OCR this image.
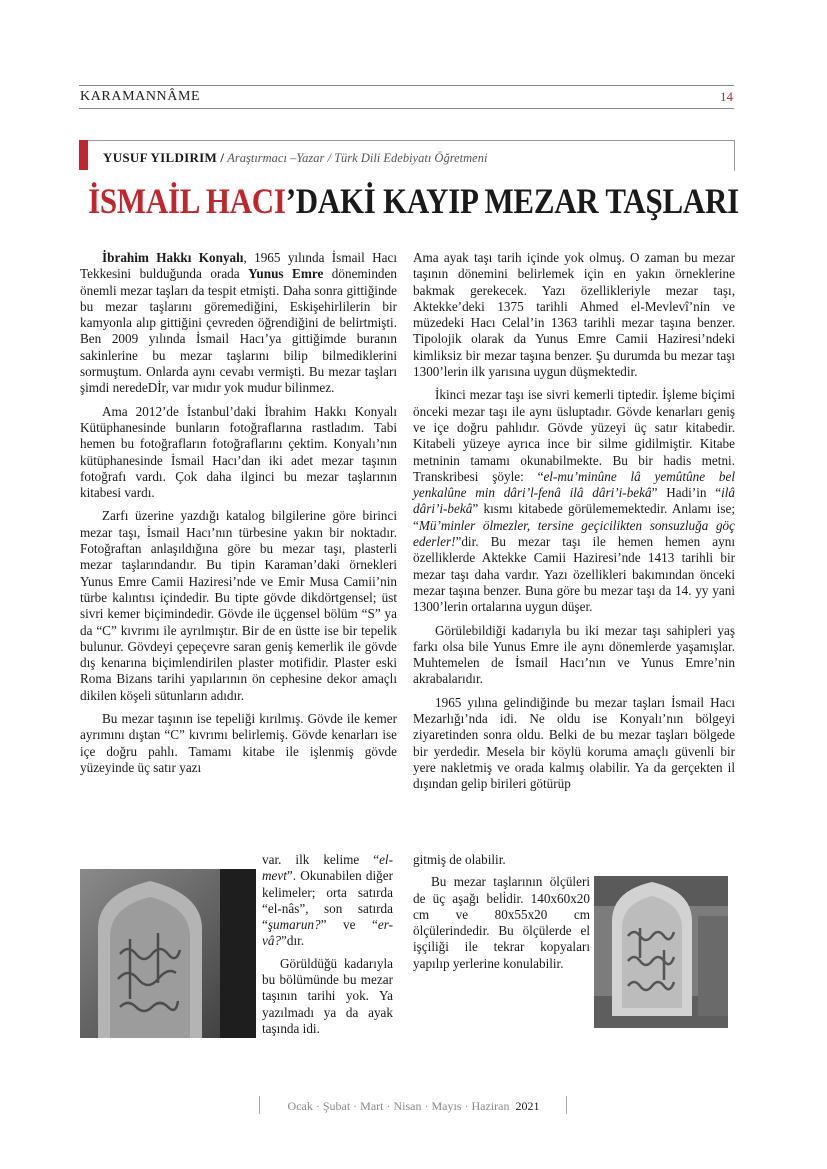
KARAMANNÂME	14
YUSUF YILDIRIM / Araştırmacı –Yazar / Türk Dili Edebiyatı Öğretmeni
İSMAİL HACI’DAKİ KAYIP MEZAR TAŞLARI

İbrahim Hakkı Konyalı, 1965 yılında İsmail Hacı Tekkesini bulduğunda orada Yunus Emre döneminden önemli mezar taşları da tespit etmişti. Daha sonra gittiğinde bu mezar taşlarını göremediğini, Eskişehirlilerin bir kamyonla alıp gittiğini çevreden öğrendiğini de belirtmişti. Ben 2009 yılında İsmail Hacı’ya gittiğimde buranın sakinlerine bu mezar taşlarını bilip bilmediklerini sormuştum. Onlarda aynı cevabı vermişti. Bu mezar taşları şimdi neredeDİr, var mıdır yok mudur bilinmez.

Ama 2012’de İstanbul’daki İbrahim Hakkı Konyalı Kütüphanesinde bunların fotoğraflarına rastladım. Tabi hemen bu fotoğrafların fotoğraflarını çektim. Konyalı’nın kütüphanesinde İsmail Hacı’dan iki adet mezar taşının fotoğrafı vardı. Çok daha ilginci bu mezar taşlarının kitabesi vardı.

Zarfı üzerine yazdığı katalog bilgilerine göre birinci mezar taşı, İsmail Hacı’nın türbesine yakın bir noktadır. Fotoğraftan anlaşıldığına göre bu mezar taşı, plasterli mezar taşlarındandır. Bu tipin Karaman’daki örnekleri Yunus Emre Camii Haziresi’nde ve Emir Musa Camii’nin türbe kalıntısı içindedir. Bu tipte gövde dikdörtgensel; üst sivri kemer biçimindedir. Gövde ile üçgensel bölüm “S” ya da “C” kıvrımı ile ayrılmıştır. Bir de en üstte ise bir tepelik bulunur. Gövdeyi çepeçevre saran geniş kemerlik ile gövde dış kenarına biçimlendirilen plaster motifidir. Plaster eski Roma Bizans tarihi yapılarının ön cephesine dekor amaçlı dikilen köşeli sütunların adıdır.

Bu mezar taşının ise tepeliği kırılmış. Gövde ile kemer ayrımını dıştan “C” kıvrımı belirlemiş. Gövde kenarları ise içe doğru pahlı. Tamamı kitabe ile işlenmiş gövde yüzeyinde üç satır yazı

var. ilk kelime “el-mevt”. Okunabilen diğer kelimeler; orta satırda “el-nâs”, son satırda “şumarun?” ve “er-vâ?”dır.

Görüldüğü kadarıyla bu bölümünde bu mezar taşının tarihi yok. Ya yazılmadı ya da ayak taşında idi.

Ama ayak taşı tarih içinde yok olmuş. O zaman bu mezar taşının dönemini belirlemek için en yakın örneklerine bakmak gerekecek. Yazı özellikleriyle mezar taşı, Aktekke’deki 1375 tarihli Ahmed el-Mevlevî’nin ve müzedeki Hacı Celal’in 1363 tarihli mezar taşına benzer. Tipolojik olarak da Yunus Emre Camii Haziresi’ndeki kimliksiz bir mezar taşına benzer. Şu durumda bu mezar taşı 1300’lerin ilk yarısına uygun düşmektedir.

İkinci mezar taşı ise sivri kemerli tiptedir. İşleme biçimi önceki mezar taşı ile aynı üsluptadır. Gövde kenarları geniş ve içe doğru pahlıdır. Gövde yüzeyi üç satır kitabedir. Kitabeli yüzeye ayrıca ince bir silme gidilmiştir. Kitabe metninin tamamı okunabilmekte. Bu bir hadis metni. Transkribesi şöyle: “el-mu’minûne lâ yemûtûne bel yenkalûne min dâri’l-fenâ ilâ dâri’i-bekâ” Hadi’in “ilâ dâri’i-bekâ” kısmı kitabede görülememektedir. Anlamı ise; “Mü’minler ölmezler, tersine geçicilikten sonsuzluğa göç ederler!”dir. Bu mezar taşı ile hemen hemen aynı özelliklerde Aktekke Camii Haziresi’nde 1413 tarihli bir mezar taşı daha vardır. Yazı özellikleri bakımından önceki mezar taşına benzer. Buna göre bu mezar taşı da 14. yy yani 1300’lerin ortalarına uygun düşer.

Görülebildiği kadarıyla bu iki mezar taşı sahipleri yaş farkı olsa bile Yunus Emre ile aynı dönemlerde yaşamışlar. Muhtemelen de İsmail Hacı’nın ve Yunus Emre’nin akrabalarıdır.

1965 yılına gelindiğinde bu mezar taşları İsmail Hacı Mezarlığı’nda idi. Ne oldu ise Konyalı’nın bölgeyi ziyaretinden sonra oldu. Belki de bu mezar taşları bölgede bir yerdedir. Mesela bir köylü koruma amaçlı güvenli bir yere nakletmiş ve orada kalmış olabilir. Ya da gerçekten il dışından gelip birileri götürüp

gitmiş de olabilir.

Bu mezar taşlarının ölçüleri de üç aşağı beli̇dir. 140x60x20 cm ve 80x55x20 cm ölçülerindedir. Bu ölçülerde el işçiliği ile tekrar kopyaları yapılıp yerlerine konulabilir.

Ocak · Şubat · Mart · Nisan · Mayıs · Haziran 2021
